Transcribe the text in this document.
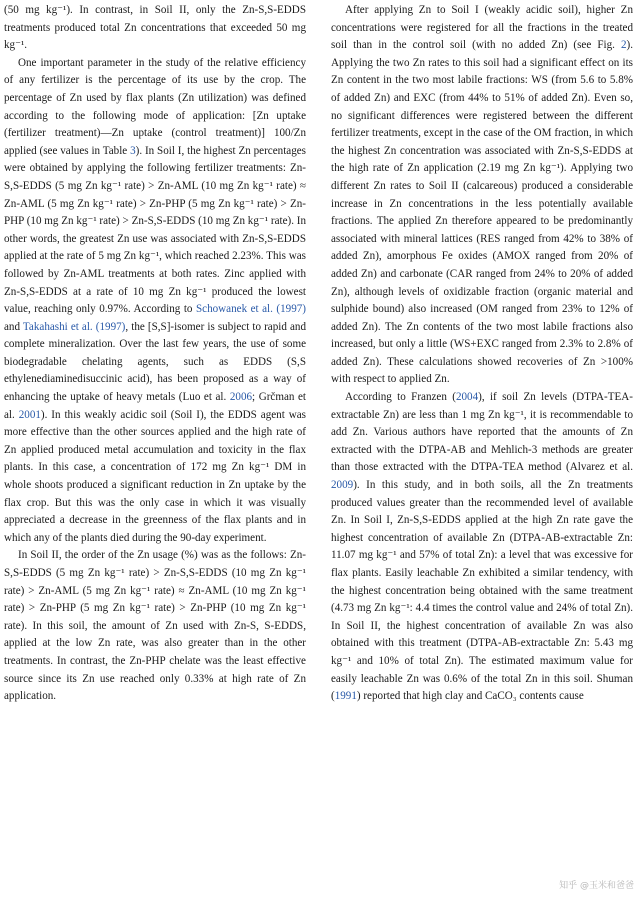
(50 mg kg⁻¹). In contrast, in Soil II, only the Zn-S,S-EDDS treatments produced total Zn concentrations that exceeded 50 mg kg⁻¹.

One important parameter in the study of the relative efficiency of any fertilizer is the percentage of its use by the crop. The percentage of Zn used by flax plants (Zn utilization) was defined according to the following mode of application: [Zn uptake (fertilizer treatment)—Zn uptake (control treatment)] 100/Zn applied (see values in Table 3). In Soil I, the highest Zn percentages were obtained by applying the following fertilizer treatments: Zn-S,S-EDDS (5 mg Zn kg⁻¹ rate) > Zn-AML (10 mg Zn kg⁻¹ rate) ≈ Zn-AML (5 mg Zn kg⁻¹ rate) > Zn-PHP (5 mg Zn kg⁻¹ rate) > Zn-PHP (10 mg Zn kg⁻¹ rate) > Zn-S,S-EDDS (10 mg Zn kg⁻¹ rate). In other words, the greatest Zn use was associated with Zn-S,S-EDDS applied at the rate of 5 mg Zn kg⁻¹, which reached 2.23%. This was followed by Zn-AML treatments at both rates. Zinc applied with Zn-S,S-EDDS at a rate of 10 mg Zn kg⁻¹ produced the lowest value, reaching only 0.97%. According to Schowanek et al. (1997) and Takahashi et al. (1997), the [S,S]-isomer is subject to rapid and complete mineralization. Over the last few years, the use of some biodegradable chelating agents, such as EDDS (S,S ethylenediaminedisuccinic acid), has been proposed as a way of enhancing the uptake of heavy metals (Luo et al. 2006; Grčman et al. 2001). In this weakly acidic soil (Soil I), the EDDS agent was more effective than the other sources applied and the high rate of Zn applied produced metal accumulation and toxicity in the flax plants. In this case, a concentration of 172 mg Zn kg⁻¹ DM in whole shoots produced a significant reduction in Zn uptake by the flax crop. But this was the only case in which it was visually appreciated a decrease in the greenness of the flax plants and in which any of the plants died during the 90-day experiment.

In Soil II, the order of the Zn usage (%) was as the follows: Zn-S,S-EDDS (5 mg Zn kg⁻¹ rate) > Zn-S,S-EDDS (10 mg Zn kg⁻¹ rate) > Zn-AML (5 mg Zn kg⁻¹ rate) ≈ Zn-AML (10 mg Zn kg⁻¹ rate) > Zn-PHP (5 mg Zn kg⁻¹ rate) > Zn-PHP (10 mg Zn kg⁻¹ rate). In this soil, the amount of Zn used with Zn-S, S-EDDS, applied at the low Zn rate, was also greater than in the other treatments. In contrast, the Zn-PHP chelate was the least effective source since its Zn use reached only 0.33% at high rate of Zn application.

After applying Zn to Soil I (weakly acidic soil), higher Zn concentrations were registered for all the fractions in the treated soil than in the control soil (with no added Zn) (see Fig. 2). Applying the two Zn rates to this soil had a significant effect on its Zn content in the two most labile fractions: WS (from 5.6 to 5.8% of added Zn) and EXC (from 44% to 51% of added Zn). Even so, no significant differences were registered between the different fertilizer treatments, except in the case of the OM fraction, in which the highest Zn concentration was associated with Zn-S,S-EDDS at the high rate of Zn application (2.19 mg Zn kg⁻¹). Applying two different Zn rates to Soil II (calcareous) produced a considerable increase in Zn concentrations in the less potentially available fractions. The applied Zn therefore appeared to be predominantly associated with mineral lattices (RES ranged from 42% to 38% of added Zn), amorphous Fe oxides (AMOX ranged from 20% of added Zn) and carbonate (CAR ranged from 24% to 20% of added Zn), although levels of oxidizable fraction (organic material and sulphide bound) also increased (OM ranged from 23% to 12% of added Zn). The Zn contents of the two most labile fractions also increased, but only a little (WS+EXC ranged from 2.3% to 2.8% of added Zn). These calculations showed recoveries of Zn >100% with respect to applied Zn.

According to Franzen (2004), if soil Zn levels (DTPA-TEA-extractable Zn) are less than 1 mg Zn kg⁻¹, it is recommendable to add Zn. Various authors have reported that the amounts of Zn extracted with the DTPA-AB and Mehlich-3 methods are greater than those extracted with the DTPA-TEA method (Alvarez et al. 2009). In this study, and in both soils, all the Zn treatments produced values greater than the recommended level of available Zn. In Soil I, Zn-S,S-EDDS applied at the high Zn rate gave the highest concentration of available Zn (DTPA-AB-extractable Zn: 11.07 mg kg⁻¹ and 57% of total Zn): a level that was excessive for flax plants. Easily leachable Zn exhibited a similar tendency, with the highest concentration being obtained with the same treatment (4.73 mg Zn kg⁻¹: 4.4 times the control value and 24% of total Zn). In Soil II, the highest concentration of available Zn was also obtained with this treatment (DTPA-AB-extractable Zn: 5.43 mg kg⁻¹ and 10% of total Zn). The estimated maximum value for easily leachable Zn was 0.6% of the total Zn in this soil. Shuman (1991) reported that high clay and CaCO₃ contents cause

知乎 @玉米和爸爸
